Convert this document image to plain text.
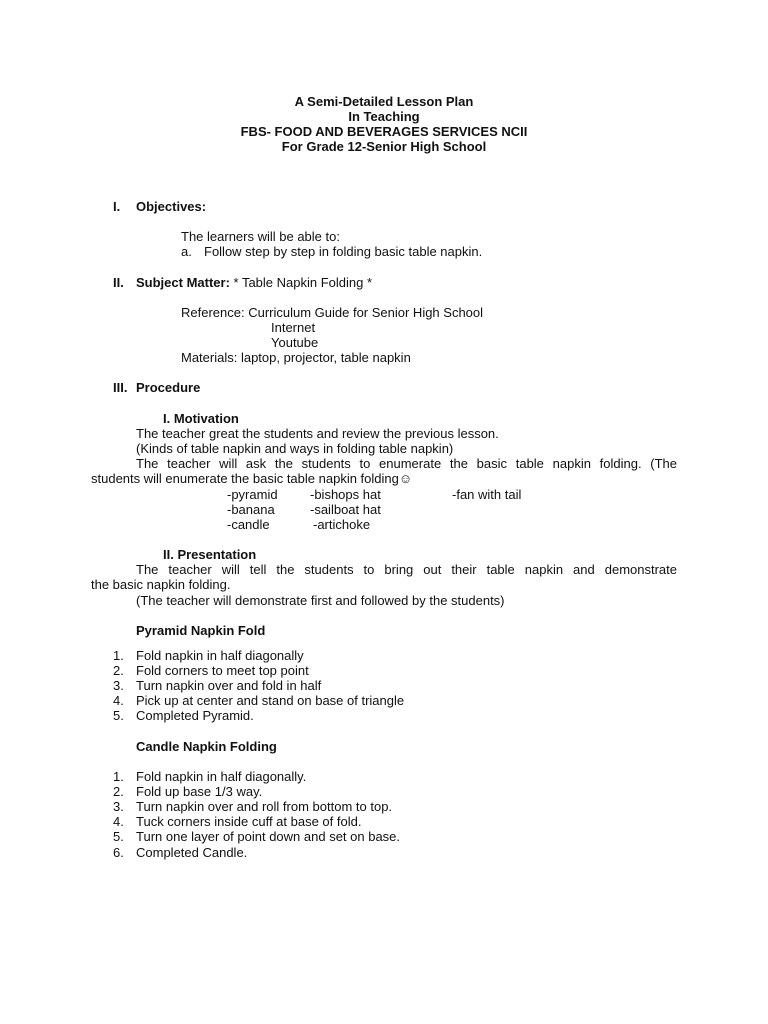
A Semi-Detailed Lesson Plan
In Teaching
FBS- FOOD AND BEVERAGES SERVICES NCII
For Grade 12-Senior High School
I. Objectives:
The learners will be able to:
a. Follow step by step in folding basic table napkin.
II. Subject Matter: * Table Napkin Folding *
Reference: Curriculum Guide for Senior High School
Internet
Youtube
Materials: laptop, projector, table napkin
III. Procedure
I. Motivation
The teacher great the students and review the previous lesson.
(Kinds of table napkin and ways in folding table napkin)
The teacher will ask the students to enumerate the basic table napkin folding. (The
students will enumerate the basic table napkin folding☺
-pyramid -bishops hat	-fan with tail
-banana	-sailboat hat
-candle	-artichoke
II. Presentation
The teacher will tell the students to bring out their table napkin and demonstrate
the basic napkin folding.
(The teacher will demonstrate first and followed by the students)
Pyramid Napkin Fold
1. Fold napkin in half diagonally
2. Fold corners to meet top point
3. Turn napkin over and fold in half
4. Pick up at center and stand on base of triangle
5. Completed Pyramid.
Candle Napkin Folding
1. Fold napkin in half diagonally.
2. Fold up base 1/3 way.
3. Turn napkin over and roll from bottom to top.
4. Tuck corners inside cuff at base of fold.
5. Turn one layer of point down and set on base.
6. Completed Candle.
